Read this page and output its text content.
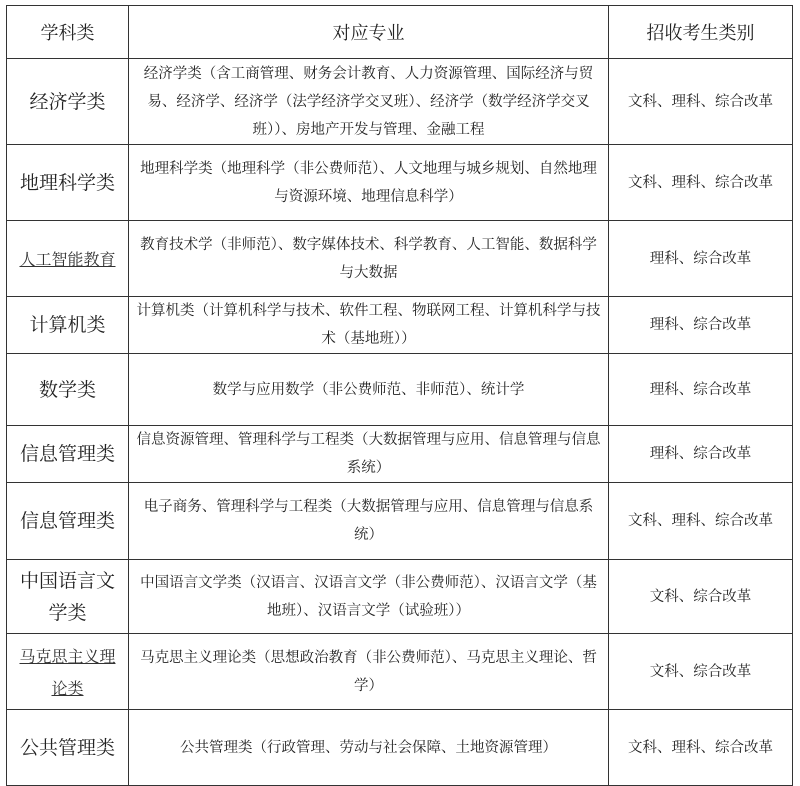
学科类	对应专业	招收考生类别
经济学类	经济学类（含工商管理、财务会计教育、人力资源管理、国际经济与贸易、经济学、经济学（法学经济学交叉班）、经济学（数学经济学交叉班））、房地产开发与管理、金融工程	文科、理科、综合改革
地理科学类	地理科学类（地理科学（非公费师范）、人文地理与城乡规划、自然地理与资源环境、地理信息科学）	文科、理科、综合改革
人工智能教育	教育技术学（非师范）、数字媒体技术、科学教育、人工智能、数据科学与大数据	理科、综合改革
计算机类	计算机类（计算机科学与技术、软件工程、物联网工程、计算机科学与技术（基地班））	理科、综合改革
数学类	数学与应用数学（非公费师范、非师范）、统计学	理科、综合改革
信息管理类	信息资源管理、管理科学与工程类（大数据管理与应用、信息管理与信息系统）	理科、综合改革
信息管理类	电子商务、管理科学与工程类（大数据管理与应用、信息管理与信息系统）	文科、理科、综合改革
中国语言文学类	中国语言文学类（汉语言、汉语言文学（非公费师范）、汉语言文学（基地班）、汉语言文学（试验班））	文科、综合改革
马克思主义理论类	马克思主义理论类（思想政治教育（非公费师范）、马克思主义理论、哲学）	文科、综合改革
公共管理类	公共管理类（行政管理、劳动与社会保障、土地资源管理）	文科、理科、综合改革
